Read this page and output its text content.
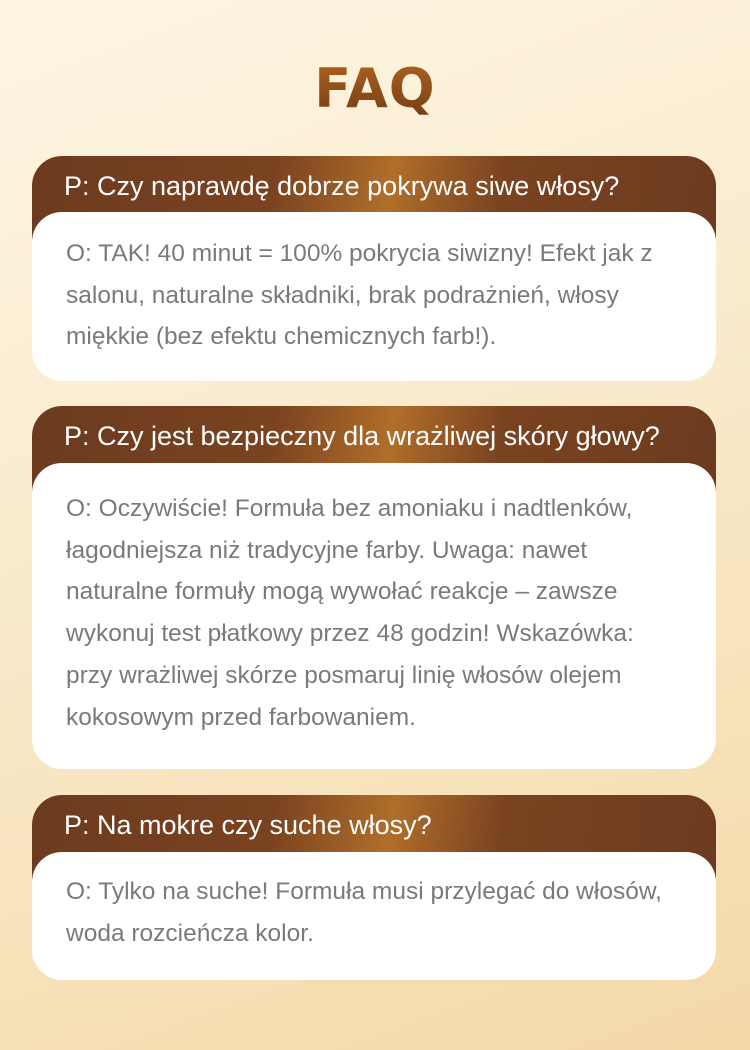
FAQ
P: Czy naprawdę dobrze pokrywa siwe włosy?
O: TAK! 40 minut = 100% pokrycia siwizny! Efekt jak z salonu, naturalne składniki, brak podrażnień, włosy miękkie (bez efektu chemicznych farb!).
P: Czy jest bezpieczny dla wrażliwej skóry głowy?
O: Oczywiście! Formuła bez amoniaku i nadtlenków, łagodniejsza niż tradycyjne farby. Uwaga: nawet naturalne formuły mogą wywołać reakcje – zawsze wykonuj test płatkowy przez 48 godzin! Wskazówka: przy wrażliwej skórze posmaruj linię włosów olejem kokosowym przed farbowaniem.
P: Na mokre czy suche włosy?
O: Tylko na suche! Formuła musi przylegać do włosów, woda rozcieńcza kolor.
